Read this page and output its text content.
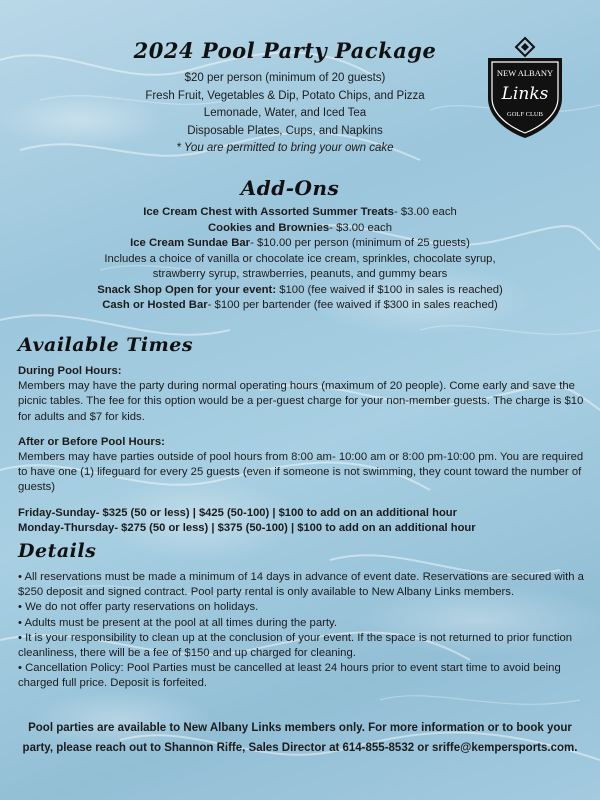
2024 Pool Party Package
$20 per person (minimum of 20 guests)
Fresh Fruit, Vegetables & Dip, Potato Chips, and Pizza
Lemonade, Water, and Iced Tea
Disposable Plates, Cups, and Napkins
* You are permitted to bring your own cake
NEW ALBANY
Links
GOLF CLUB
Add-Ons
Ice Cream Chest with Assorted Summer Treats- $3.00 each
Cookies and Brownies- $3.00 each
Ice Cream Sundae Bar- $10.00 per person (minimum of 25 guests)
Includes a choice of vanilla or chocolate ice cream, sprinkles, chocolate syrup,
strawberry syrup, strawberries, peanuts, and gummy bears
Snack Shop Open for your event: $100 (fee waived if $100 in sales is reached)
Cash or Hosted Bar- $100 per bartender (fee waived if $300 in sales reached)
Available Times

During Pool Hours:

Members may have the party during normal operating hours (maximum of 20 people). Come early and save the picnic tables. The fee for this option would be a per-guest charge for your non-member guests. The charge is $10 for adults and $7 for kids.

After or Before Pool Hours:

Members may have parties outside of pool hours from 8:00 am- 10:00 am or 8:00 pm-10:00 pm. You are required to have one (1) lifeguard for every 25 guests (even if someone is not swimming, they count toward the number of guests)

Friday-Sunday- $325 (50 or less) | $425 (50-100) | $100 to add on an additional hour
Monday-Thursday- $275 (50 or less) | $375 (50-100) | $100 to add on an additional hour
Details
• All reservations must be made a minimum of 14 days in advance of event date. Reservations are secured with a $250 deposit and signed contract. Pool party rental is only available to New Albany Links members.
• We do not offer party reservations on holidays.
• Adults must be present at the pool at all times during the party.
• It is your responsibility to clean up at the conclusion of your event. If the space is not returned to prior function cleanliness, there will be a fee of $150 and up charged for cleaning.
• Cancellation Policy: Pool Parties must be cancelled at least 24 hours prior to event start time to avoid being charged full price. Deposit is forfeited.
Pool parties are available to New Albany Links members only. For more information or to book your party, please reach out to Shannon Riffe, Sales Director at 614-855-8532 or sriffe@kempersports.com.
